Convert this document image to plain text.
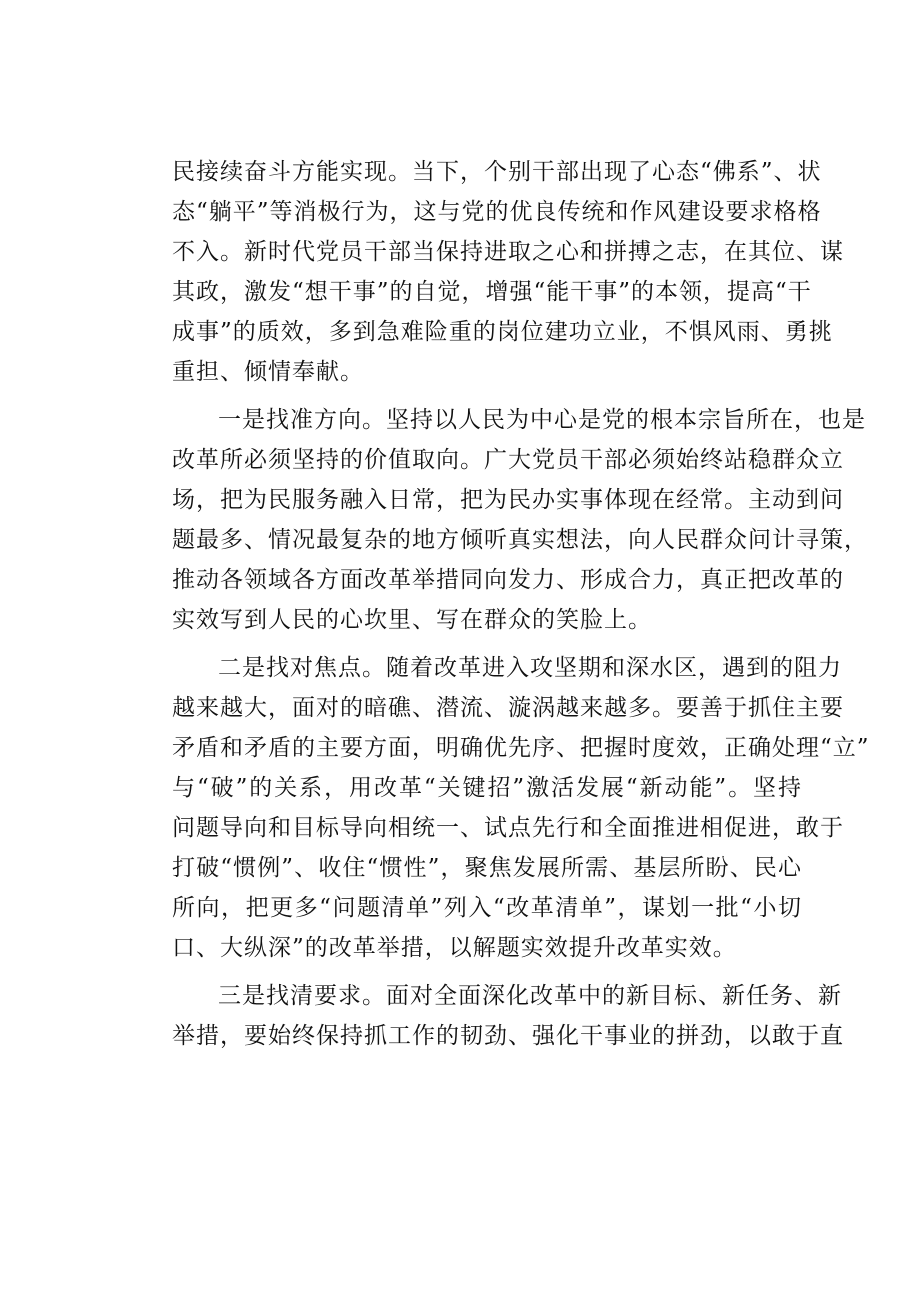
民接续奋斗方能实现。当下，个别干部出现了心态“佛系”、状
态“躺平”等消极行为，这与党的优良传统和作风建设要求格格
不入。新时代党员干部当保持进取之心和拼搏之志，在其位、谋
其政，激发“想干事”的自觉，增强“能干事”的本领，提高“干
成事”的质效，多到急难险重的岗位建功立业，不惧风雨、勇挑
重担、倾情奉献。
一是找准方向。坚持以人民为中心是党的根本宗旨所在，也是
改革所必须坚持的价值取向。广大党员干部必须始终站稳群众立
场，把为民服务融入日常，把为民办实事体现在经常。主动到问
题最多、情况最复杂的地方倾听真实想法，向人民群众问计寻策，
推动各领域各方面改革举措同向发力、形成合力，真正把改革的
实效写到人民的心坎里、写在群众的笑脸上。
二是找对焦点。随着改革进入攻坚期和深水区，遇到的阻力
越来越大，面对的暗礁、潜流、漩涡越来越多。要善于抓住主要
矛盾和矛盾的主要方面，明确优先序、把握时度效，正确处理“立”
与“破”的关系，用改革“关键招”激活发展“新动能”。坚持
问题导向和目标导向相统一、试点先行和全面推进相促进，敢于
打破“惯例”、收住“惯性”，聚焦发展所需、基层所盼、民心
所向，把更多“问题清单”列入“改革清单”，谋划一批“小切
口、大纵深”的改革举措，以解题实效提升改革实效。
三是找清要求。面对全面深化改革中的新目标、新任务、新
举措，要始终保持抓工作的韧劲、强化干事业的拼劲，以敢于直
